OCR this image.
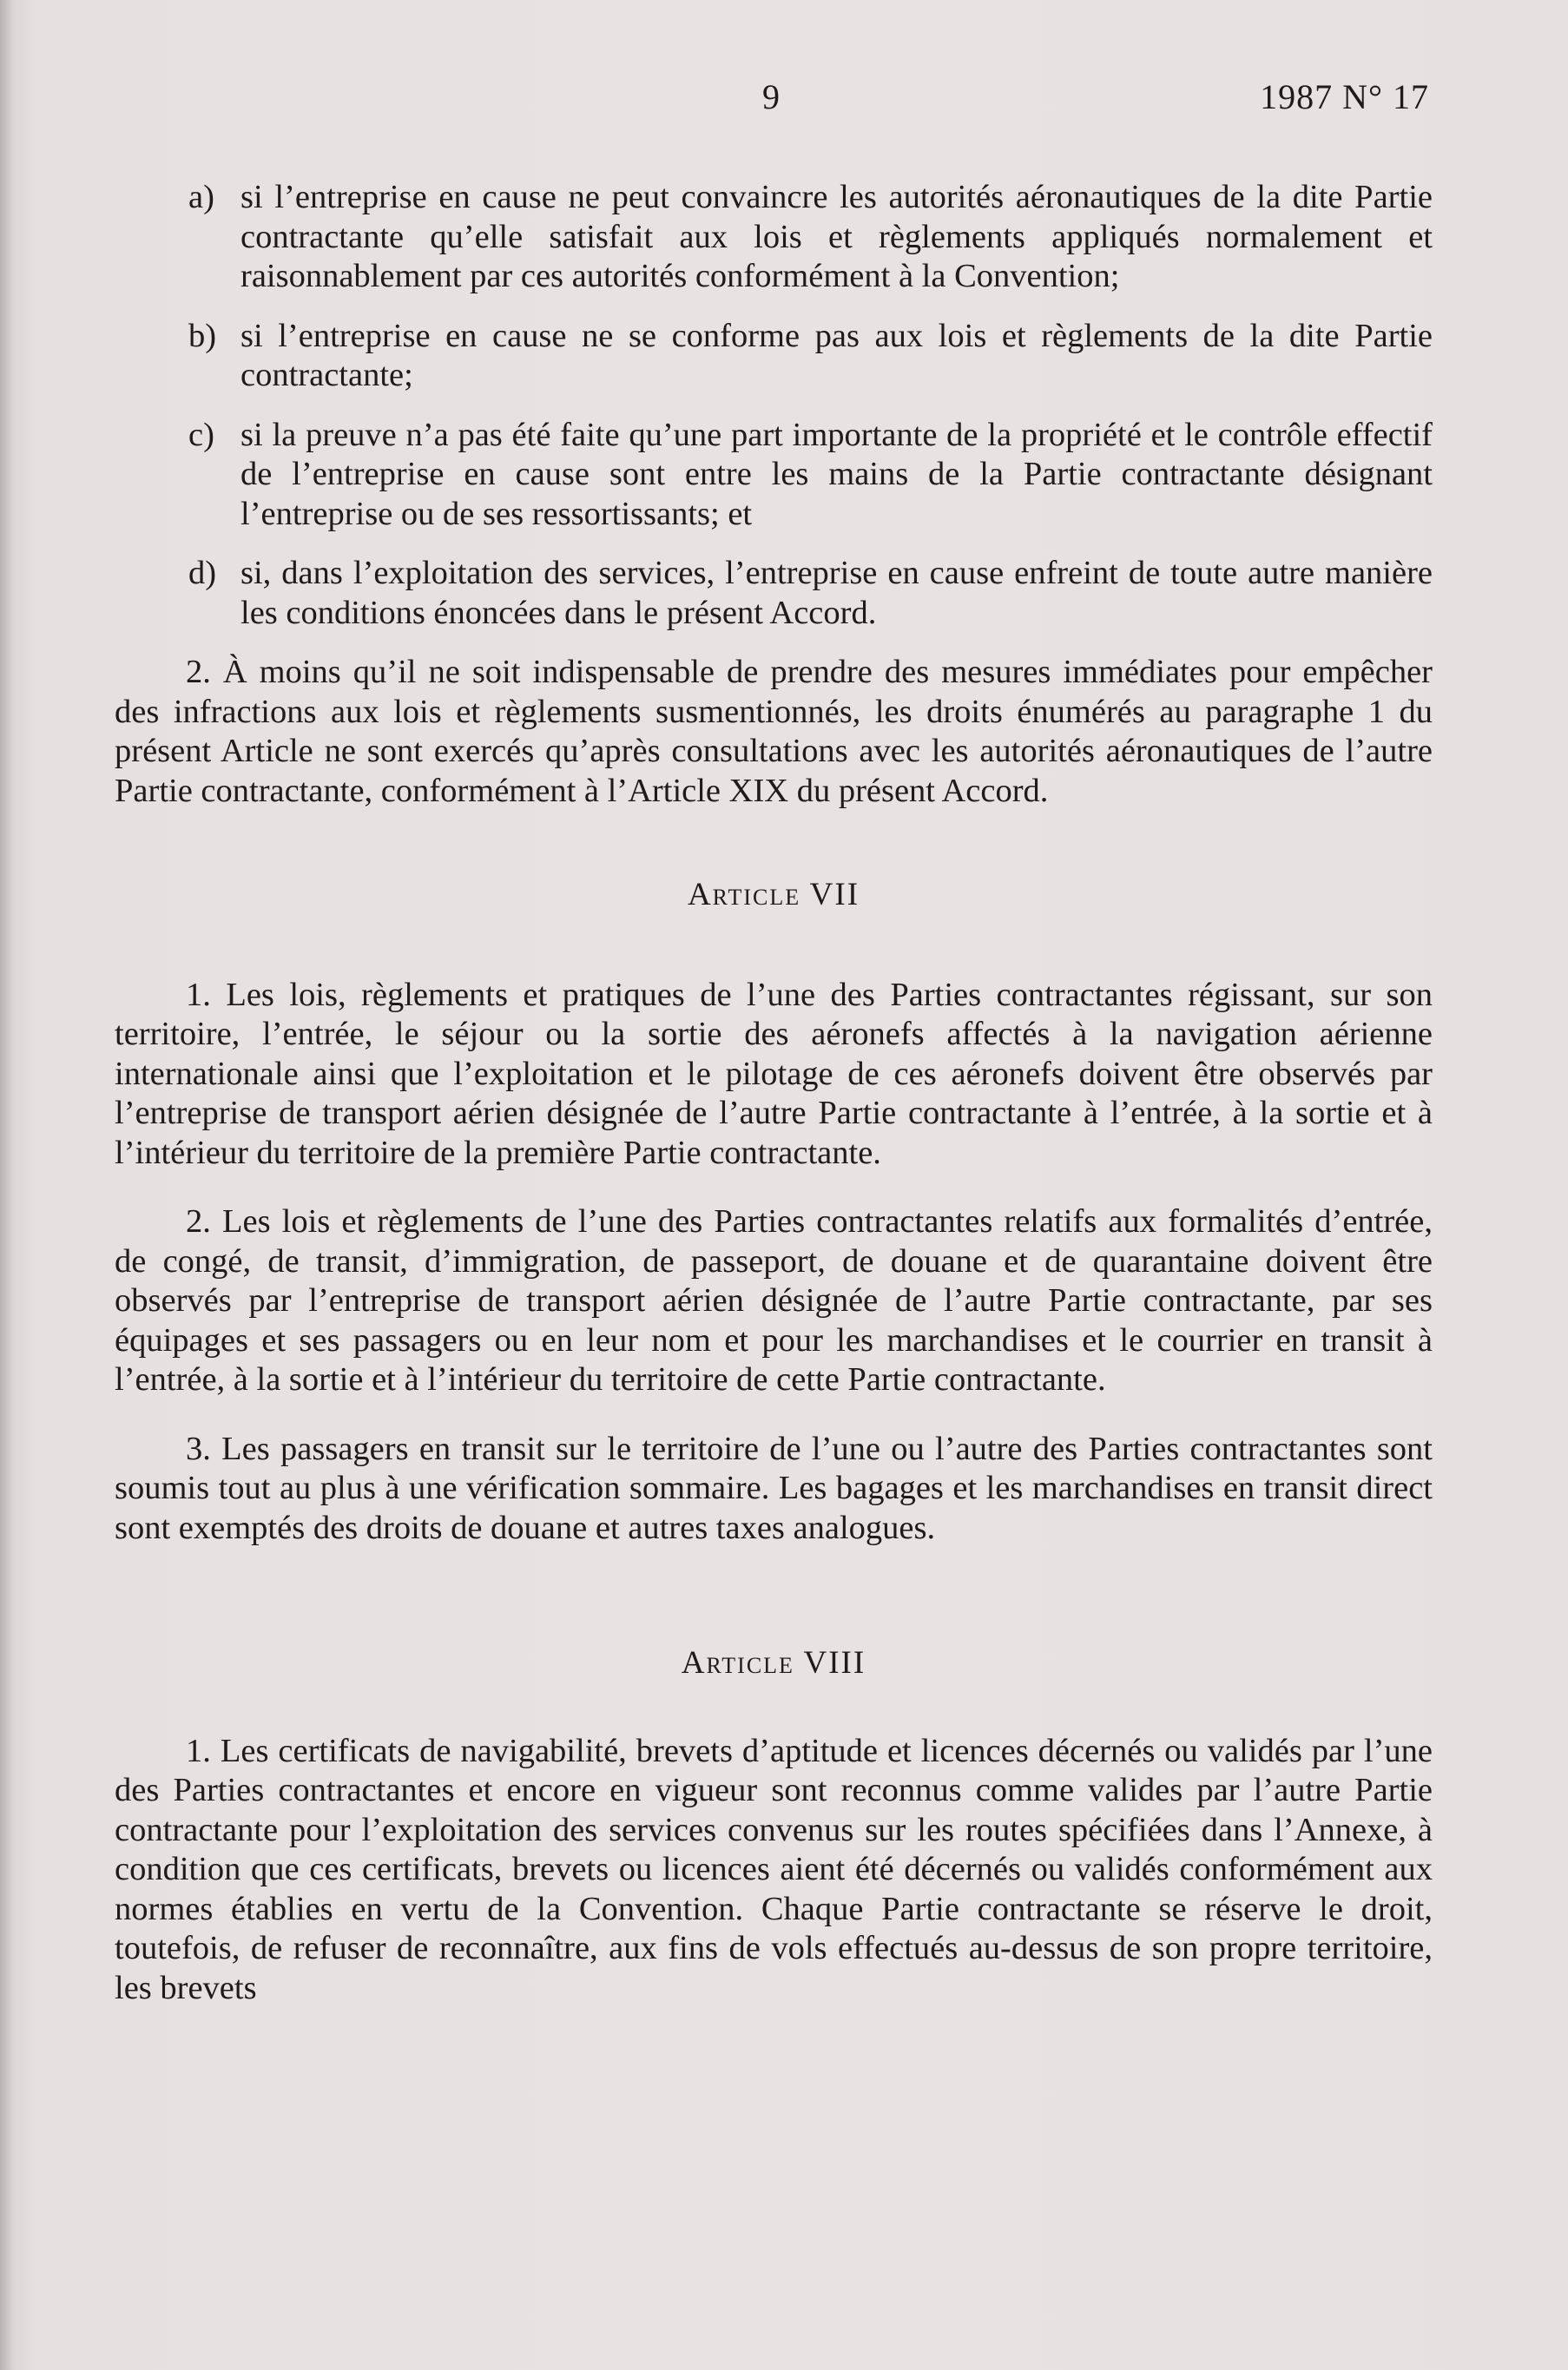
9	1987 N° 17
a) si l’entreprise en cause ne peut convaincre les autorités aéronautiques de la dite Partie contractante qu’elle satisfait aux lois et règlements appliqués normalement et raisonnablement par ces autorités conformément à la Convention;
b) si l’entreprise en cause ne se conforme pas aux lois et règlements de la dite Partie contractante;
c) si la preuve n’a pas été faite qu’une part importante de la propriété et le contrôle effectif de l’entreprise en cause sont entre les mains de la Partie contractante désignant l’entreprise ou de ses ressortissants; et
d) si, dans l’exploitation des services, l’entreprise en cause enfreint de toute autre manière les conditions énoncées dans le présent Accord.

2. À moins qu’il ne soit indispensable de prendre des mesures immédiates pour empêcher des infractions aux lois et règlements susmentionnés, les droits énumérés au paragraphe 1 du présent Article ne sont exercés qu’après consultations avec les autorités aéronautiques de l’autre Partie contractante, conformément à l’Article XIX du présent Accord.

Article VII

1. Les lois, règlements et pratiques de l’une des Parties contractantes régissant, sur son territoire, l’entrée, le séjour ou la sortie des aéronefs affectés à la navigation aérienne internationale ainsi que l’exploitation et le pilotage de ces aéronefs doivent être observés par l’entreprise de transport aérien désignée de l’autre Partie contractante à l’entrée, à la sortie et à l’intérieur du territoire de la première Partie contractante.

2. Les lois et règlements de l’une des Parties contractantes relatifs aux formalités d’entrée, de congé, de transit, d’immigration, de passeport, de douane et de quarantaine doivent être observés par l’entreprise de transport aérien désignée de l’autre Partie contractante, par ses équipages et ses passagers ou en leur nom et pour les marchandises et le courrier en transit à l’entrée, à la sortie et à l’intérieur du territoire de cette Partie contractante.

3. Les passagers en transit sur le territoire de l’une ou l’autre des Parties contractantes sont soumis tout au plus à une vérification sommaire. Les bagages et les marchandises en transit direct sont exemptés des droits de douane et autres taxes analogues.

Article VIII

1. Les certificats de navigabilité, brevets d’aptitude et licences décernés ou validés par l’une des Parties contractantes et encore en vigueur sont reconnus comme valides par l’autre Partie contractante pour l’exploitation des services convenus sur les routes spécifiées dans l’Annexe, à condition que ces certificats, brevets ou licences aient été décernés ou validés conformément aux normes établies en vertu de la Convention. Chaque Partie contractante se réserve le droit, toutefois, de refuser de reconnaître, aux fins de vols effectués au-dessus de son propre territoire, les brevets
